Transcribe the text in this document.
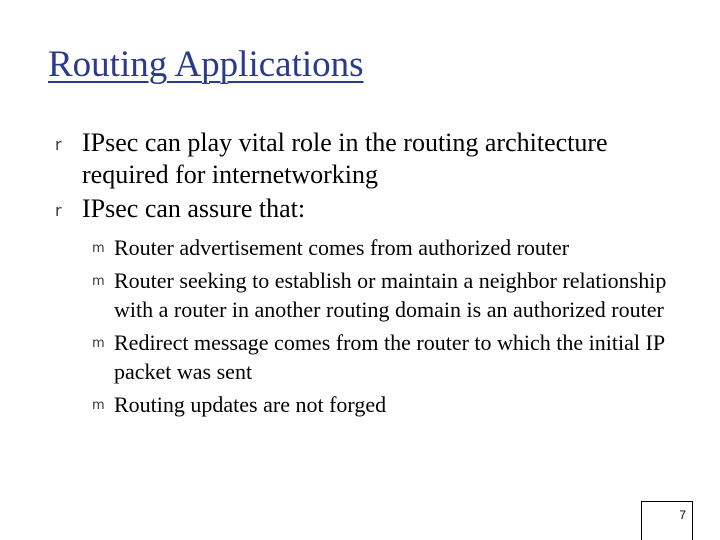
Routing Applications
r IPsec can play vital role in the routing architecture required for internetworking
r IPsec can assure that:
m Router advertisement comes from authorized router
m Router seeking to establish or maintain a neighbor relationship with a router in another routing domain is an authorized router
m Redirect message comes from the router to which the initial IP packet was sent
m Routing updates are not forged
7
